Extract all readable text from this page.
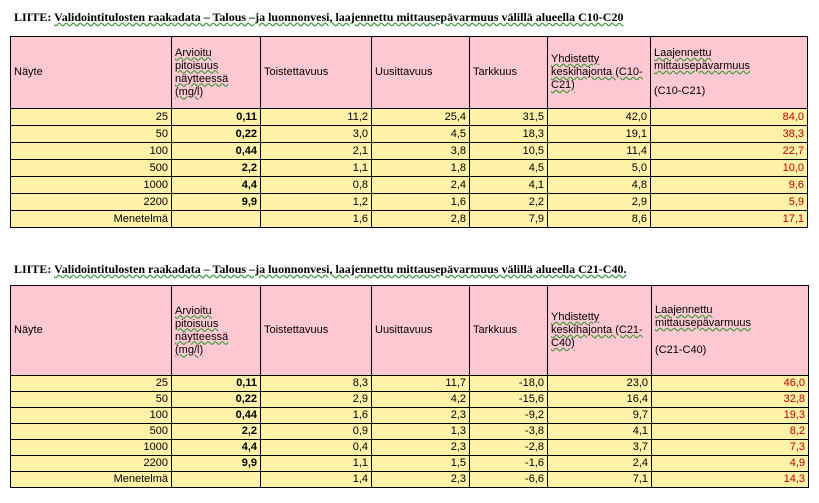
LIITE: Validointitulosten raakadata – Talous –ja luonnonvesi, laajennettu mittausepävarmuus välillä alueella C10-C20
Näyte	Arvioitu pitoisuus näytteessä (mg/l)	Toistettavuus	Uusittavuus	Tarkkuus	Yhdistetty keskihajonta (C10-C21)	Laajennettu mittausepävarmuus
(C10-C21)

25	0,11	11,2	25,4	31,5	42,0	84,0
50	0,22	3,0	4,5	18,3	19,1	38,3
100	0,44	2,1	3,8	10,5	11,4	22,7
500	2,2	1,1	1,8	4,5	5,0	10,0
1000	4,4	0,8	2,4	4,1	4,8	9,6
2200	9,9	1,2	1,6	2,2	2,9	5,9
Menetelmä		1,6	2,8	7,9	8,6	17,1
LIITE: Validointitulosten raakadata – Talous –ja luonnonvesi, laajennettu mittausepävarmuus välillä alueella C21-C40.
Näyte	Arvioitu pitoisuus näytteessä (mg/l)	Toistettavuus	Uusittavuus	Tarkkuus	Yhdistetty keskihajonta (C21-C40)	Laajennettu mittausepävarmuus
(C21-C40)

25	0,11	8,3	11,7	-18,0	23,0	46,0
50	0,22	2,9	4,2	-15,6	16,4	32,8
100	0,44	1,6	2,3	-9,2	9,7	19,3
500	2,2	0,9	1,3	-3,8	4,1	8,2
1000	4,4	0,4	2,3	-2,8	3,7	7,3
2200	9,9	1,1	1,5	-1,6	2,4	4,9
Menetelmä		1,4	2,3	-6,6	7,1	14,3
